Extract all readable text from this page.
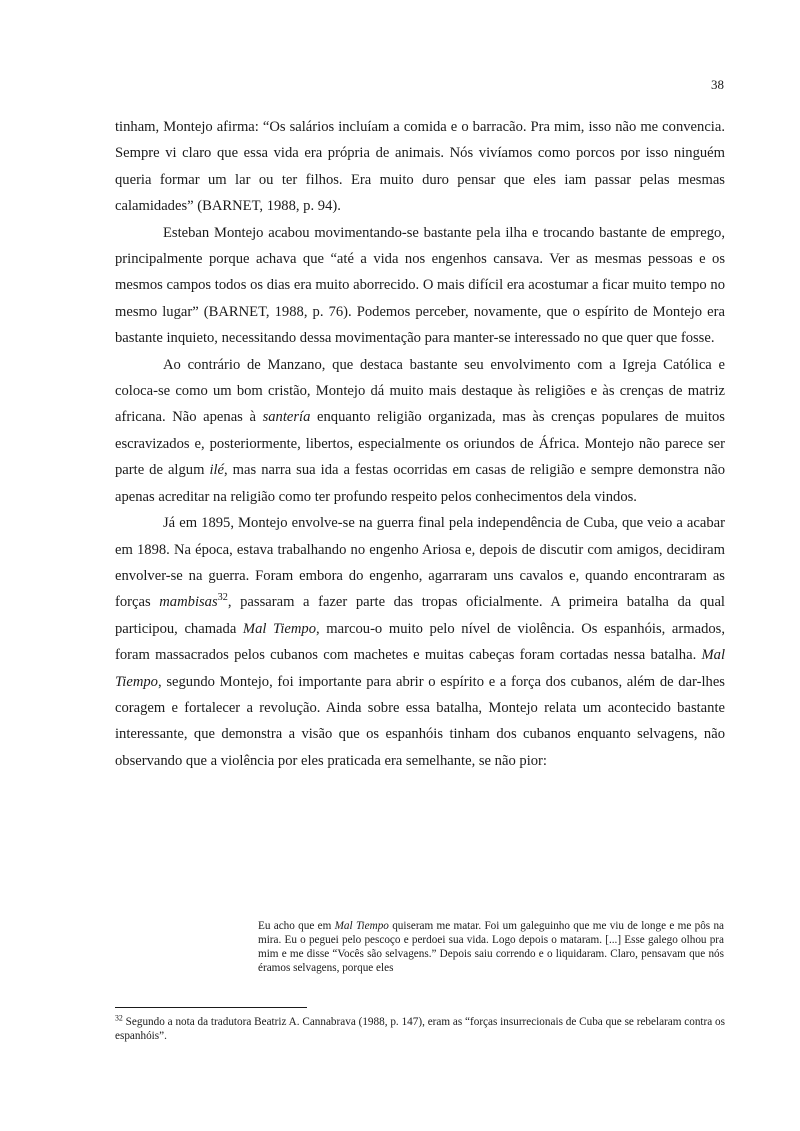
38

tinham, Montejo afirma: “Os salários incluíam a comida e o barracão. Pra mim, isso não me convencia. Sempre vi claro que essa vida era própria de animais. Nós vivíamos como porcos por isso ninguém queria formar um lar ou ter filhos. Era muito duro pensar que eles iam passar pelas mesmas calamidades” (BARNET, 1988, p. 94).

Esteban Montejo acabou movimentando-se bastante pela ilha e trocando bastante de emprego, principalmente porque achava que “até a vida nos engenhos cansava. Ver as mesmas pessoas e os mesmos campos todos os dias era muito aborrecido. O mais difícil era acostumar a ficar muito tempo no mesmo lugar” (BARNET, 1988, p. 76). Podemos perceber, novamente, que o espírito de Montejo era bastante inquieto, necessitando dessa movimentação para manter-se interessado no que quer que fosse.

Ao contrário de Manzano, que destaca bastante seu envolvimento com a Igreja Católica e coloca-se como um bom cristão, Montejo dá muito mais destaque às religiões e às crenças de matriz africana. Não apenas à santería enquanto religião organizada, mas às crenças populares de muitos escravizados e, posteriormente, libertos, especialmente os oriundos de África. Montejo não parece ser parte de algum ilé, mas narra sua ida a festas ocorridas em casas de religião e sempre demonstra não apenas acreditar na religião como ter profundo respeito pelos conhecimentos dela vindos.

Já em 1895, Montejo envolve-se na guerra final pela independência de Cuba, que veio a acabar em 1898. Na época, estava trabalhando no engenho Ariosa e, depois de discutir com amigos, decidiram envolver-se na guerra. Foram embora do engenho, agarraram uns cavalos e, quando encontraram as forças mambisas$^{32}$, passaram a fazer parte das tropas oficialmente. A primeira batalha da qual participou, chamada Mal Tiempo, marcou-o muito pelo nível de violência. Os espanhóis, armados, foram massacrados pelos cubanos com machetes e muitas cabeças foram cortadas nessa batalha. Mal Tiempo, segundo Montejo, foi importante para abrir o espírito e a força dos cubanos, além de dar-lhes coragem e fortalecer a revolução. Ainda sobre essa batalha, Montejo relata um acontecido bastante interessante, que demonstra a visão que os espanhóis tinham dos cubanos enquanto selvagens, não observando que a violência por eles praticada era semelhante, se não pior:

Eu acho que em Mal Tiempo quiseram me matar. Foi um galeguinho que me viu de longe e me pôs na mira. Eu o peguei pelo pescoço e perdoei sua vida. Logo depois o mataram. [...] Esse galego olhou pra mim e me disse “Vocês são selvagens.” Depois saiu correndo e o liquidaram. Claro, pensavam que nós éramos selvagens, porque eles
$^{32}$ Segundo a nota da tradutora Beatriz A. Cannabrava (1988, p. 147), eram as “forças insurrecionais de Cuba que se rebelaram contra os espanhóis”.
